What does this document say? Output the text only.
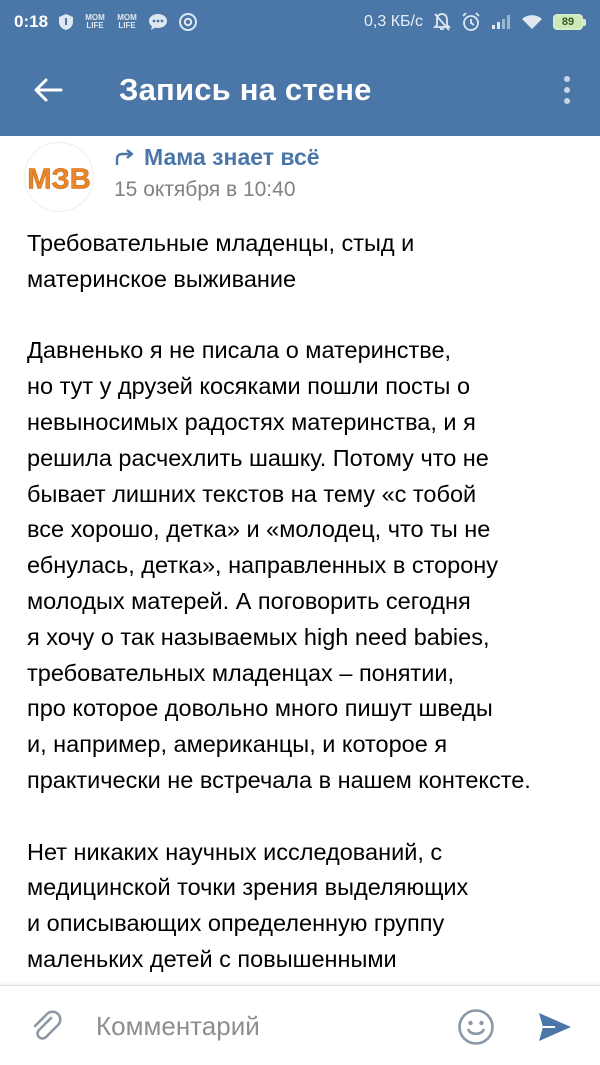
0:18	MOM LIFE
MOM LIFE	0,3 КБ/с	89
Запись на стене
МЗВ
Мама знает всё
15 октября в 10:40

Требовательные младенцы, стыд и
материнское выживание

Давненько я не писала о материнстве,
но тут у друзей косяками пошли посты о
невыносимых радостях материнства, и я
решила расчехлить шашку. Потому что не
бывает лишних текстов на тему «с тобой
все хорошо, детка» и «молодец, что ты не
ебнулась, детка», направленных в сторону
молодых матерей. А поговорить сегодня
я хочу о так называемых high need babies,
требовательных младенцах – понятии,
про которое довольно много пишут шведы
и, например, американцы, и которое я
практически не встречала в нашем контексте.

Нет никаких научных исследований, с
медицинской точки зрения выделяющих
и описывающих определенную группу
маленьких детей с повышенными

Комментарий
